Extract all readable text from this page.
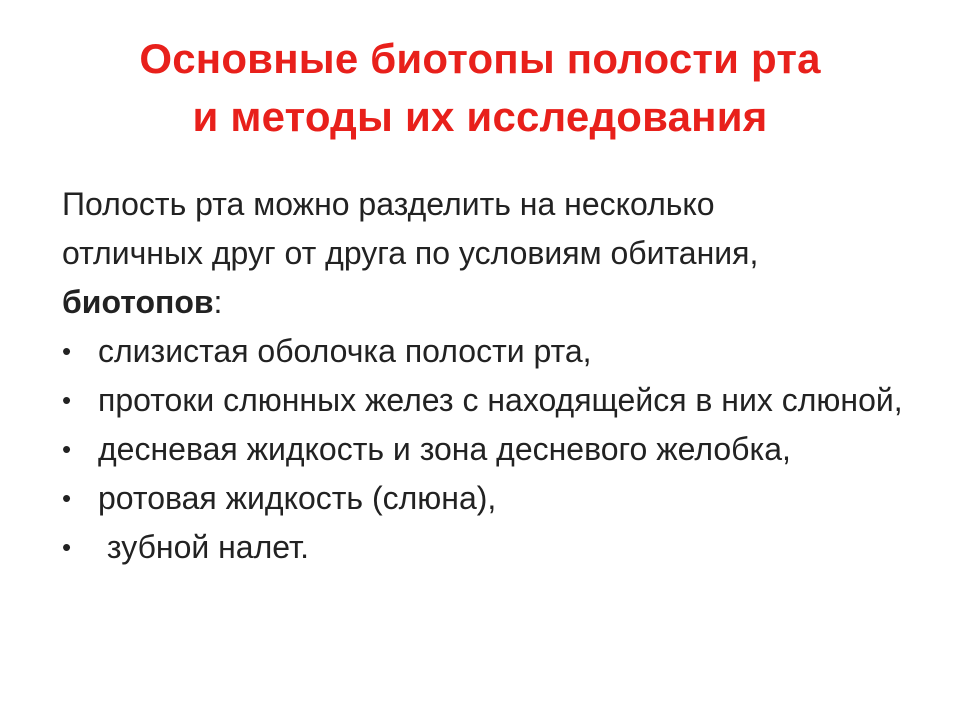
Основные биотопы полости рта
и методы их исследования
Полость рта можно разделить на несколько
отличных друг от друга по условиям обитания,
биотопов:
• слизистая оболочка полости рта,
• протоки слюнных желез с находящейся в них слюной,
• десневая жидкость и зона десневого желобка,
• ротовая жидкость (слюна),
• зубной налет.
